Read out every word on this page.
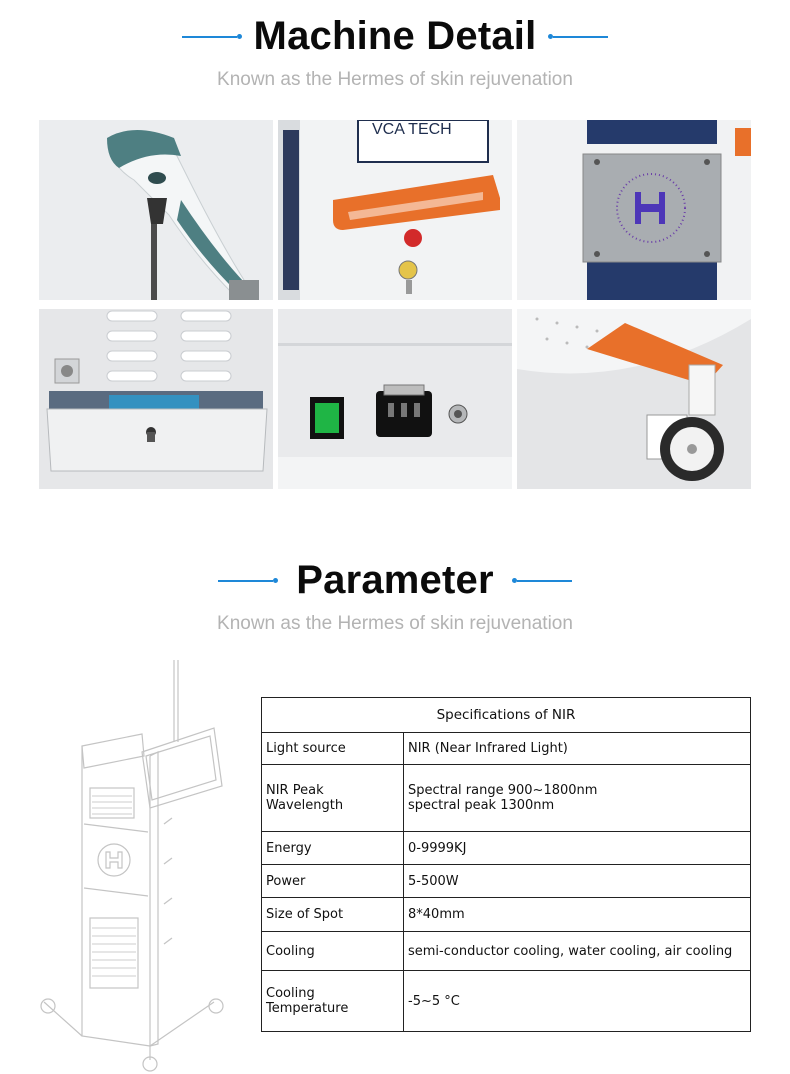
Machine Detail
Known as the Hermes of skin rejuvenation
VCA TECH
Parameter
Known as the Hermes of skin rejuvenation
Specifications of NIR	
Light source	NIR (Near Infrared Light)
NIR Peak Wavelength	Spectral range 900~1800nm
spectral peak 1300nm

Energy	0-9999KJ
Power	5-500W
Size of Spot	8*40mm
Cooling	semi-conductor cooling, water cooling, air cooling
Cooling Temperature	-5~5 °C
